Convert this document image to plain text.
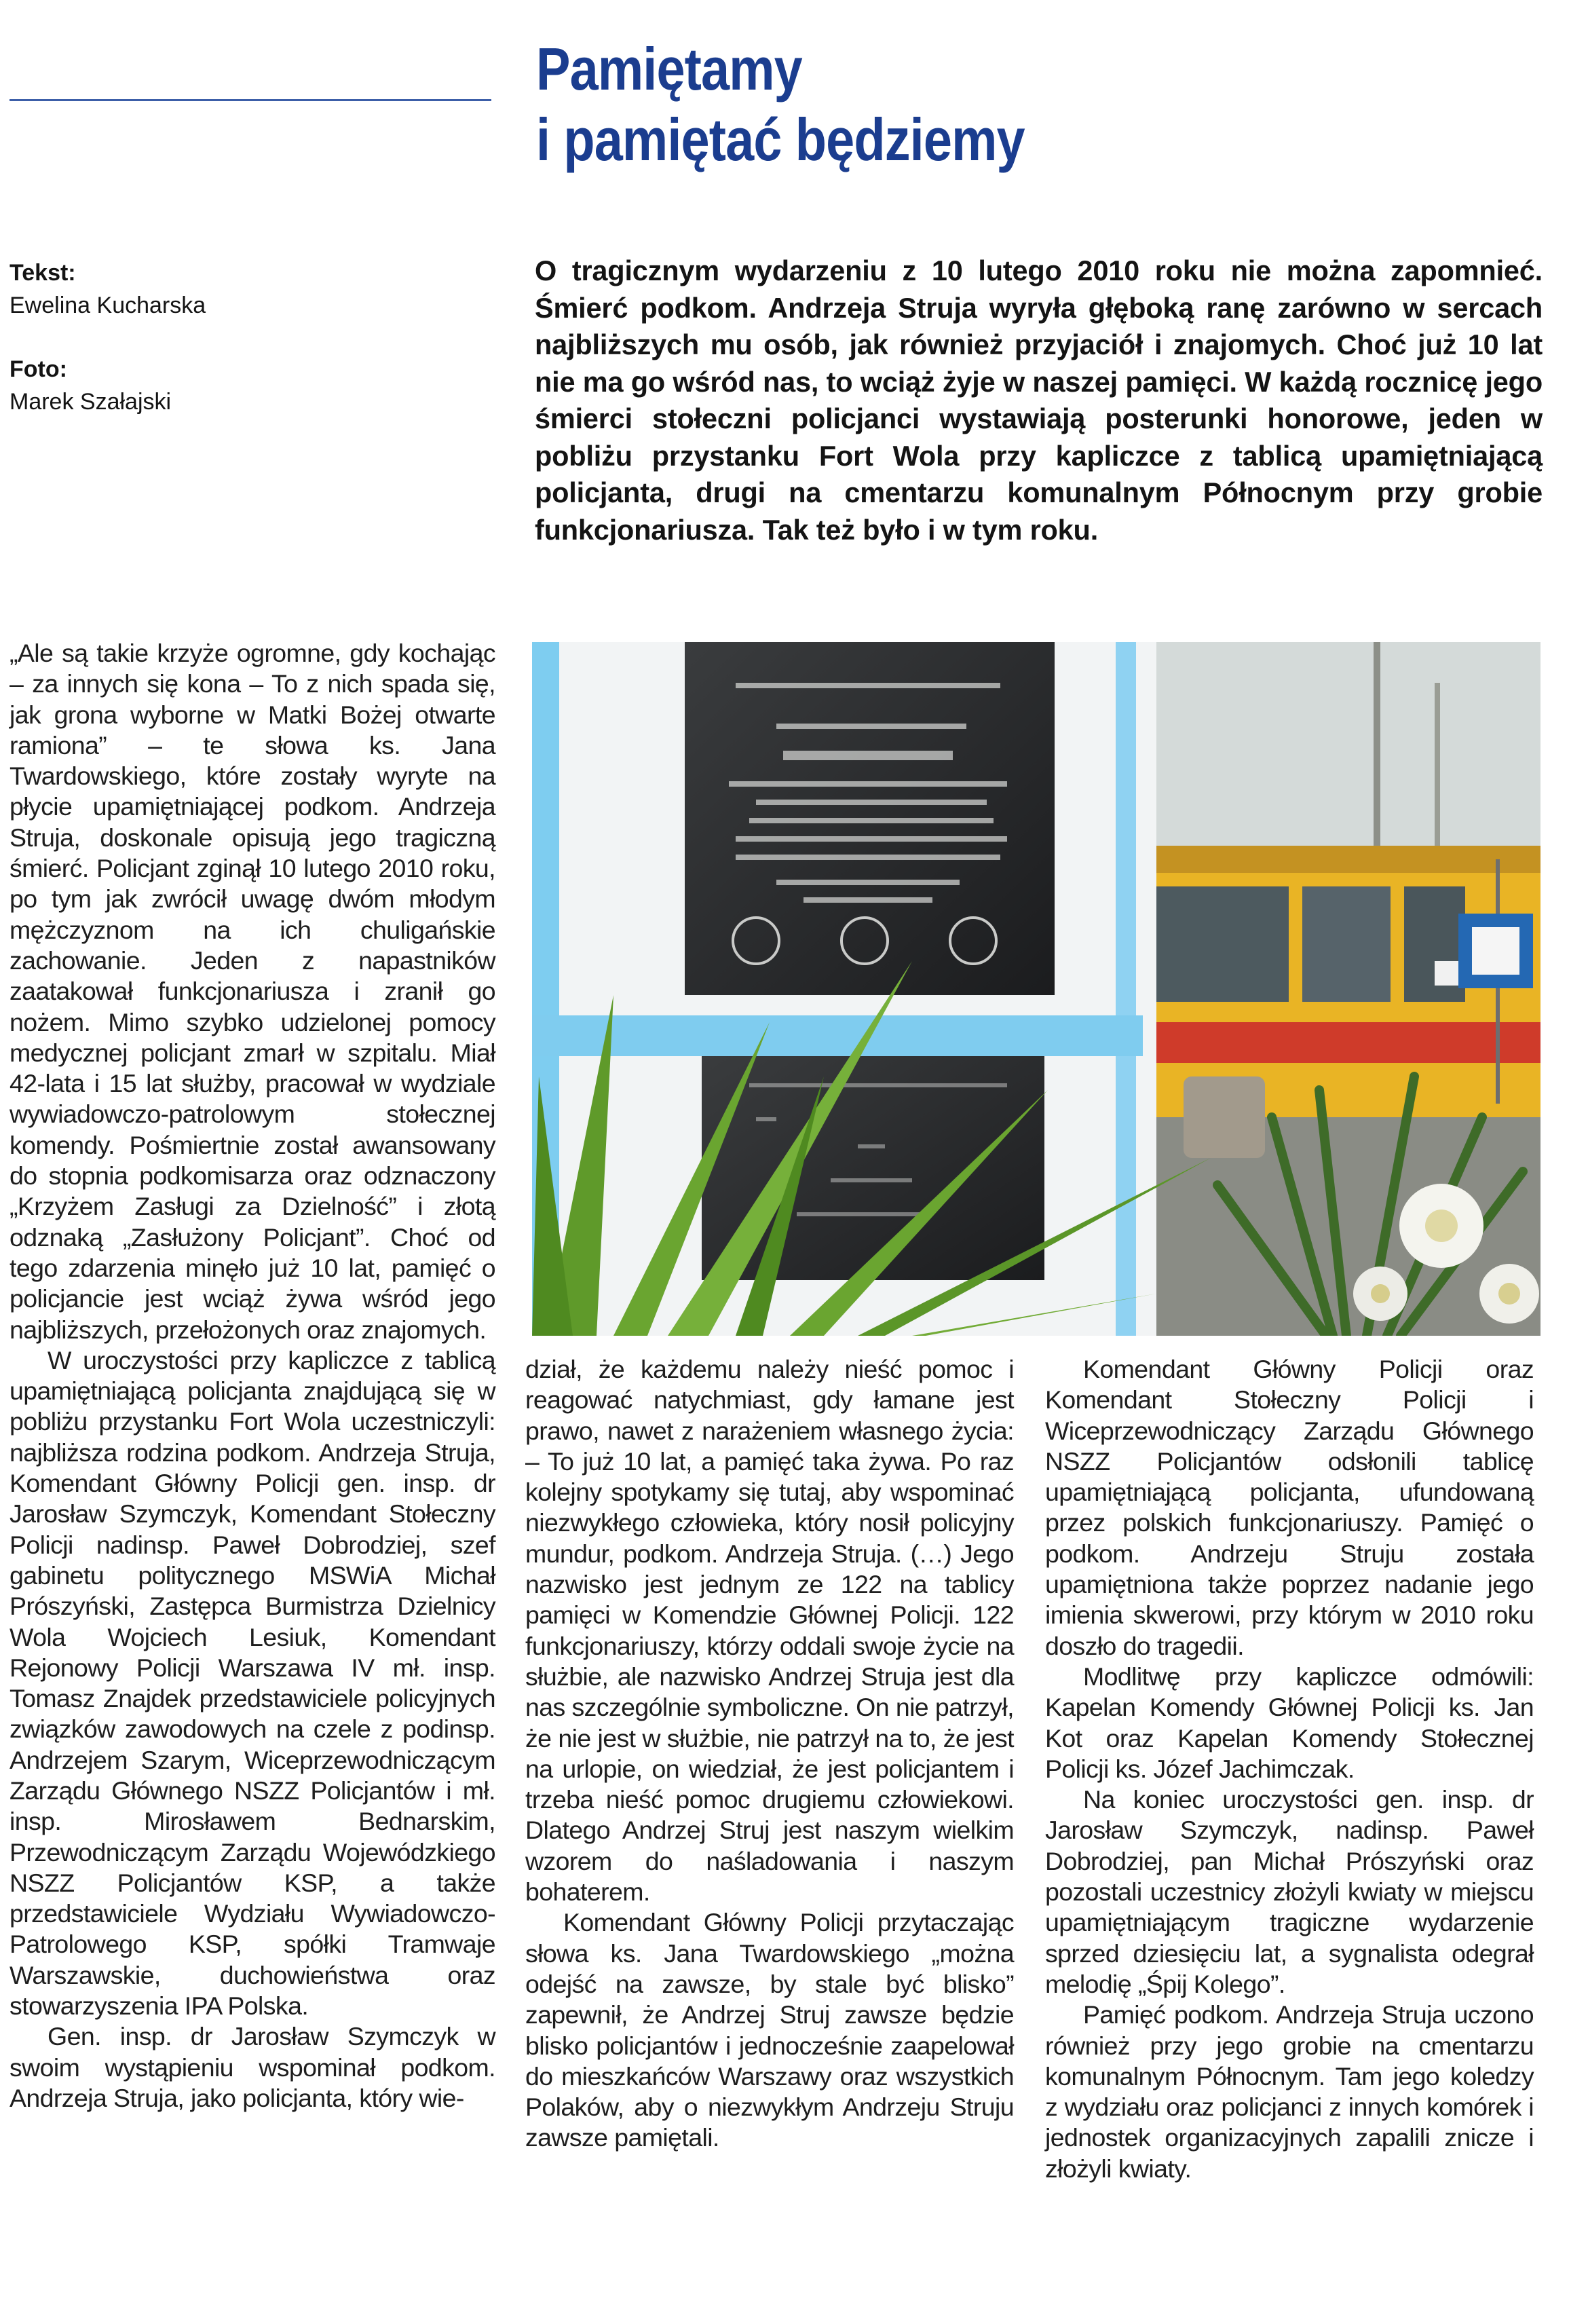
Pamiętamy
i pamiętać będziemy
Tekst:
Ewelina Kucharska
Foto:
Marek Szałajski

O tragicznym wydarzeniu z 10 lutego 2010 roku nie można zapomnieć. Śmierć podkom. Andrzeja Struja wyryła głęboką ranę zarówno w sercach najbliższych mu osób, jak również przyjaciół i znajomych. Choć już 10 lat nie ma go wśród nas, to wciąż żyje w naszej pamięci. W każdą rocznicę jego śmierci stołeczni policjanci wystawiają posterunki honorowe, jeden w pobliżu przystanku Fort Wola przy kapliczce z tablicą upamiętniającą policjanta, drugi na cmentarzu komunalnym Północnym przy grobie funkcjonariusza. Tak też było i w tym roku.

„Ale są takie krzyże ogromne, gdy kochając – za innych się kona – To z nich spada się, jak grona wyborne w Matki Bożej otwarte ramiona” – te słowa ks. Jana Twardowskiego, które zostały wyryte na płycie upamiętniającej podkom. Andrzeja Struja, doskonale opisują jego tragiczną śmierć. Policjant zginął 10 lutego 2010 roku, po tym jak zwrócił uwagę dwóm młodym mężczyznom na ich chuligańskie zachowanie. Jeden z napastników zaatakował funkcjonariusza i zranił go nożem. Mimo szybko udzielonej pomocy medycznej policjant zmarł w szpitalu. Miał 42-lata i 15 lat służby, pracował w wydziale wywiadowczo-patrolowym stołecznej komendy. Pośmiertnie został awansowany do stopnia podkomisarza oraz odznaczony „Krzyżem Zasługi za Dzielność” i złotą odznaką „Zasłużony Policjant”. Choć od tego zdarzenia minęło już 10 lat, pamięć o policjancie jest wciąż żywa wśród jego najbliższych, przełożonych oraz znajomych.

W uroczystości przy kapliczce z tablicą upamiętniającą policjanta znajdującą się w pobliżu przystanku Fort Wola uczestniczyli: najbliższa rodzina podkom. Andrzeja Struja, Komendant Główny Policji gen. insp. dr Jarosław Szymczyk, Komendant Stołeczny Policji nadinsp. Paweł Dobrodziej, szef gabinetu politycznego MSWiA Michał Prószyński, Zastępca Burmistrza Dzielnicy Wola Wojciech Lesiuk, Komendant Rejonowy Policji Warszawa IV mł. insp. Tomasz Znajdek przedstawiciele policyjnych związków zawodowych na czele z podinsp. Andrzejem Szarym, Wiceprzewodniczącym Zarządu Głównego NSZZ Policjantów i mł. insp. Mirosławem Bednarskim, Przewodniczącym Zarządu Wojewódzkiego NSZZ Policjantów KSP, a także przedstawiciele Wydziału Wywiadowczo-Patrolowego KSP, spółki Tramwaje Warszawskie, duchowieństwa oraz stowarzyszenia IPA Polska.

Gen. insp. dr Jarosław Szymczyk w swoim wystąpieniu wspominał podkom. Andrzeja Struja, jako policjanta, który wie-

dział, że każdemu należy nieść pomoc i reagować natychmiast, gdy łamane jest prawo, nawet z narażeniem własnego życia: – To już 10 lat, a pamięć taka żywa. Po raz kolejny spotykamy się tutaj, aby wspominać niezwykłego człowieka, który nosił policyjny mundur, podkom. Andrzeja Struja. (…) Jego nazwisko jest jednym ze 122 na tablicy pamięci w Komendzie Głównej Policji. 122 funkcjonariuszy, którzy oddali swoje życie na służbie, ale nazwisko Andrzej Struja jest dla nas szczególnie symboliczne. On nie patrzył, że nie jest w służbie, nie patrzył na to, że jest na urlopie, on wiedział, że jest policjantem i trzeba nieść pomoc drugiemu człowiekowi. Dlatego Andrzej Struj jest naszym wielkim wzorem do naśladowania i naszym bohaterem.

Komendant Główny Policji przytaczając słowa ks. Jana Twardowskiego „można odejść na zawsze, by stale być blisko” zapewnił, że Andrzej Struj zawsze będzie blisko policjantów i jednocześnie zaapelował do mieszkańców Warszawy oraz wszystkich Polaków, aby o niezwykłym Andrzeju Struju zawsze pamiętali.

Komendant Główny Policji oraz Komendant Stołeczny Policji i Wiceprzewodniczący Zarządu Głównego NSZZ Policjantów odsłonili tablicę upamiętniającą policjanta, ufundowaną przez polskich funkcjonariuszy. Pamięć o podkom. Andrzeju Struju została upamiętniona także poprzez nadanie jego imienia skwerowi, przy którym w 2010 roku doszło do tragedii.

Modlitwę przy kapliczce odmówili: Kapelan Komendy Głównej Policji ks. Jan Kot oraz Kapelan Komendy Stołecznej Policji ks. Józef Jachimczak.

Na koniec uroczystości gen. insp. dr Jarosław Szymczyk, nadinsp. Paweł Dobrodziej, pan Michał Prószyński oraz pozostali uczestnicy złożyli kwiaty w miejscu upamiętniającym tragiczne wydarzenie sprzed dziesięciu lat, a sygnalista odegrał melodię „Śpij Kolego”.

Pamięć podkom. Andrzeja Struja uczono również przy jego grobie na cmentarzu komunalnym Północnym. Tam jego koledzy z wydziału oraz policjanci z innych komórek i jednostek organizacyjnych zapalili znicze i złożyli kwiaty.
